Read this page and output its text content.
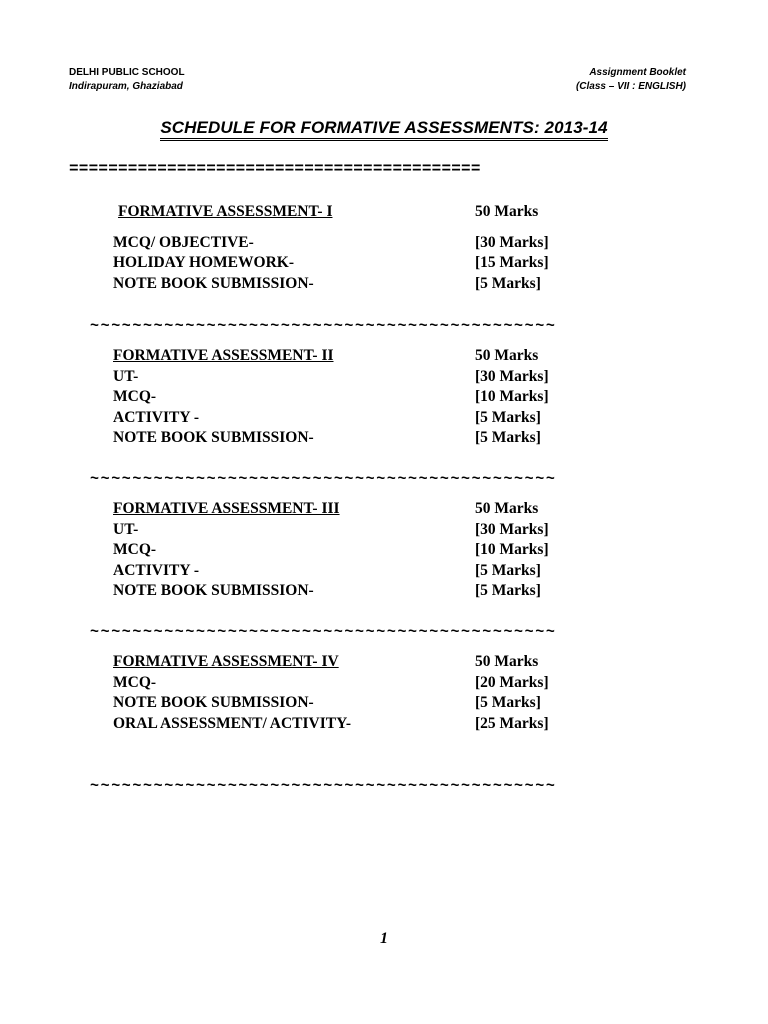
DELHI PUBLIC SCHOOL
Indirapuram, Ghaziabad
Assignment Booklet
(Class – VII : ENGLISH)
SCHEDULE FOR FORMATIVE ASSESSMENTS: 2013-14
==========================================
FORMATIVE ASSESSMENT- I	50 Marks
MCQ/ OBJECTIVE-	[30 Marks]
HOLIDAY HOMEWORK-	[15 Marks]
NOTE BOOK SUBMISSION-	[5 Marks]
~~~~~~~~~~~~~~~~~~~~~~~~~~~~~~~~~~~~~~~~~~~~
FORMATIVE ASSESSMENT- II	50 Marks
UT-	[30 Marks]
MCQ-	[10 Marks]
ACTIVITY -	[5 Marks]
NOTE BOOK SUBMISSION-	[5 Marks]
~~~~~~~~~~~~~~~~~~~~~~~~~~~~~~~~~~~~~~~~~~~~
FORMATIVE ASSESSMENT- III	50 Marks
UT-	[30 Marks]
MCQ-	[10 Marks]
ACTIVITY -	[5 Marks]
NOTE BOOK SUBMISSION-	[5 Marks]
~~~~~~~~~~~~~~~~~~~~~~~~~~~~~~~~~~~~~~~~~~~~
FORMATIVE ASSESSMENT- IV	50 Marks
MCQ-	[20 Marks]
NOTE BOOK SUBMISSION-	[5 Marks]
ORAL ASSESSMENT/ ACTIVITY-	[25 Marks]
~~~~~~~~~~~~~~~~~~~~~~~~~~~~~~~~~~~~~~~~~~~~
1
